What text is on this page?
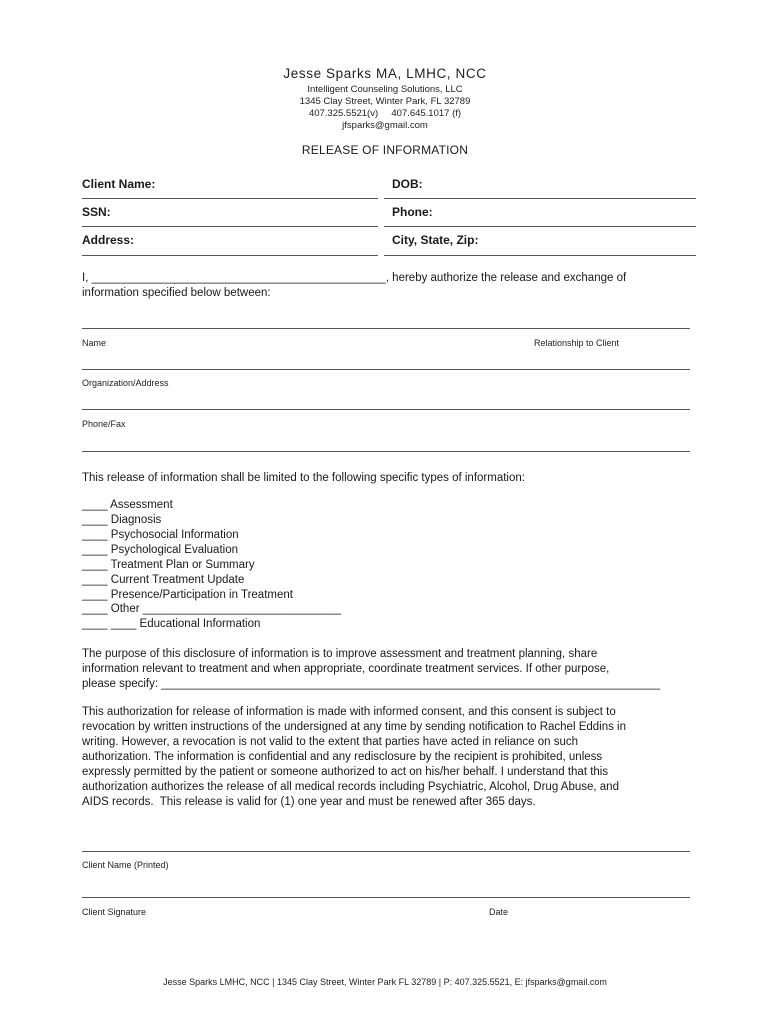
Jesse Sparks MA, LMHC, NCC
Intelligent Counseling Solutions, LLC
1345 Clay Street, Winter Park, FL 32789
407.325.5521(v)     407.645.1017 (f)
jfsparks@gmail.com
RELEASE OF INFORMATION
Client Name:	DOB:
SSN:	Phone:
Address:	City, State, Zip:
I, ______________________________________________, hereby authorize the release and exchange of
information specified below between:
Name	Relationship to Client
Organization/Address
Phone/Fax
This release of information shall be limited to the following specific types of information:
____ Assessment
____ Diagnosis
____ Psychosocial Information
____ Psychological Evaluation
____ Treatment Plan or Summary
____ Current Treatment Update
____ Presence/Participation in Treatment
____ Other _______________________________
____ ____ Educational Information
The purpose of this disclosure of information is to improve assessment and treatment planning, share
information relevant to treatment and when appropriate, coordinate treatment services. If other purpose,
please specify: ______________________________________________________________________________
This authorization for release of information is made with informed consent, and this consent is subject to
revocation by written instructions of the undersigned at any time by sending notification to Rachel Eddins in
writing. However, a revocation is not valid to the extent that parties have acted in reliance on such
authorization. The information is confidential and any redisclosure by the recipient is prohibited, unless
expressly permitted by the patient or someone authorized to act on his/her behalf. I understand that this
authorization authorizes the release of all medical records including Psychiatric, Alcohol, Drug Abuse, and
AIDS records.  This release is valid for (1) one year and must be renewed after 365 days.
Client Name (Printed)
Client Signature	Date
Jesse Sparks LMHC, NCC | 1345 Clay Street, Winter Park FL 32789 | P: 407.325.5521, E: jfsparks@gmail.com
